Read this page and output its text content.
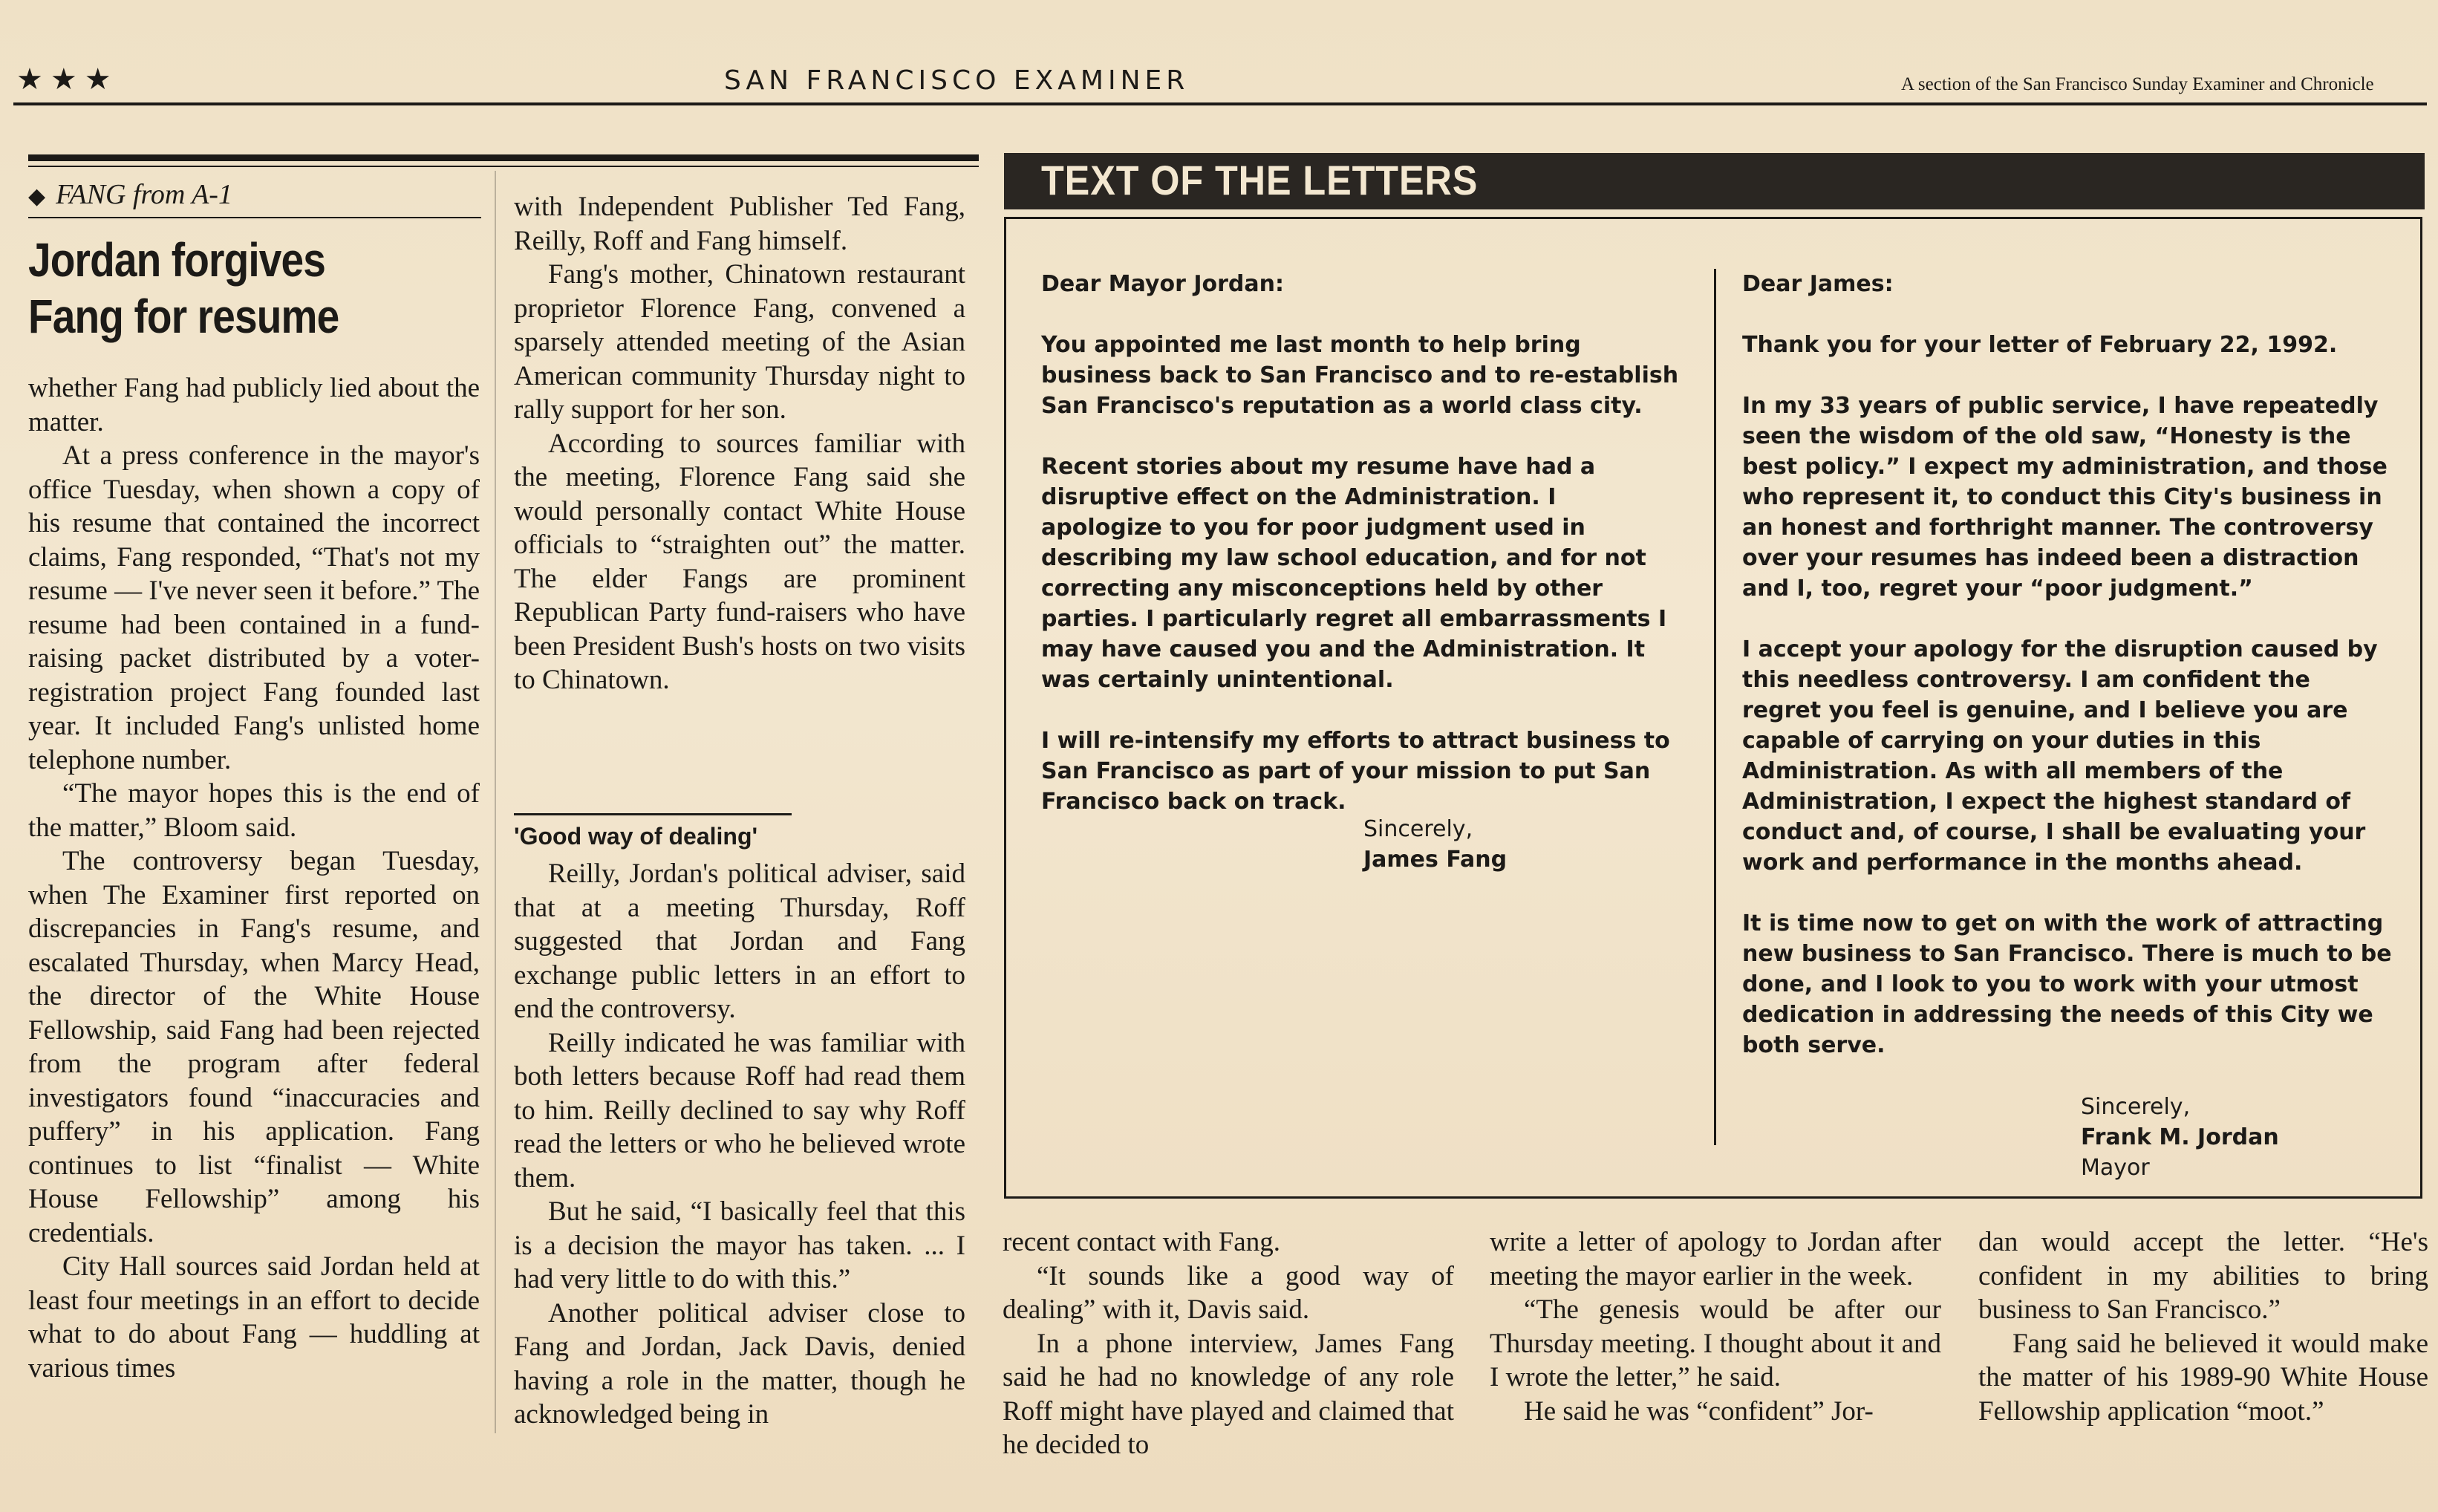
★★★	SAN FRANCISCO EXAMINER	A section of the San Francisco Sunday Examiner and Chronicle
◆ FANG from A-1
Jordan forgives
Fang for resume

whether Fang had publicly lied about the matter.

At a press conference in the mayor's office Tuesday, when shown a copy of his resume that contained the incorrect claims, Fang responded, “That's not my resume — I've never seen it before.” The resume had been contained in a fund-raising packet distributed by a voter-registration project Fang founded last year. It included Fang's unlisted home telephone number.

“The mayor hopes this is the end of the matter,” Bloom said.

The controversy began Tuesday, when The Examiner first reported on discrepancies in Fang's resume, and escalated Thursday, when Marcy Head, the director of the White House Fellowship, said Fang had been rejected from the program after federal investigators found “inaccuracies and puffery” in his application. Fang continues to list “finalist — White House Fellowship” among his credentials.

City Hall sources said Jordan held at least four meetings in an effort to decide what to do about Fang — huddling at various times

with Independent Publisher Ted Fang, Reilly, Roff and Fang himself.

Fang's mother, Chinatown restaurant proprietor Florence Fang, convened a sparsely attended meeting of the Asian American community Thursday night to rally support for her son.

According to sources familiar with the meeting, Florence Fang said she would personally contact White House officials to “straighten out” the matter. The elder Fangs are prominent Republican Party fund-raisers who have been President Bush's hosts on two visits to Chinatown.

'Good way of dealing'

Reilly, Jordan's political adviser, said that at a meeting Thursday, Roff suggested that Jordan and Fang exchange public letters in an effort to end the controversy.

Reilly indicated he was familiar with both letters because Roff had read them to him. Reilly declined to say why Roff read the letters or who he believed wrote them.

But he said, “I basically feel that this is a decision the mayor has taken. ... I had very little to do with this.”

Another political adviser close to Fang and Jordan, Jack Davis, denied having a role in the matter, though he acknowledged being in

TEXT OF THE LETTERS

Dear Mayor Jordan:

You appointed me last month to help bring business back to San Francisco and to re-establish San Francisco's reputation as a world class city.

Recent stories about my resume have had a disruptive effect on the Administration. I apologize to you for poor judgment used in describing my law school education, and for not correcting any misconceptions held by other parties. I particularly regret all embarrassments I may have caused you and the Administration. It was certainly unintentional.

I will re-intensify my efforts to attract business to San Francisco as part of your mission to put San Francisco back on track.

Sincerely,
James Fang

Dear James:

Thank you for your letter of February 22, 1992.

In my 33 years of public service, I have repeatedly seen the wisdom of the old saw, “Honesty is the best policy.” I expect my administration, and those who represent it, to conduct this City's business in an honest and forthright manner. The controversy over your resumes has indeed been a distraction and I, too, regret your “poor judgment.”

I accept your apology for the disruption caused by this needless controversy. I am confident the regret you feel is genuine, and I believe you are capable of carrying on your duties in this Administration. As with all members of the Administration, I expect the highest standard of conduct and, of course, I shall be evaluating your work and performance in the months ahead.

It is time now to get on with the work of attracting new business to San Francisco. There is much to be done, and I look to you to work with your utmost dedication in addressing the needs of this City we both serve.

Sincerely,
Frank M. Jordan
Mayor

recent contact with Fang.

“It sounds like a good way of dealing” with it, Davis said.

In a phone interview, James Fang said he had no knowledge of any role Roff might have played and claimed that he decided to

write a letter of apology to Jordan after meeting the mayor earlier in the week.

“The genesis would be after our Thursday meeting. I thought about it and I wrote the letter,” he said.

He said he was “confident” Jor-

dan would accept the letter. “He's confident in my abilities to bring business to San Francisco.”

Fang said he believed it would make the matter of his 1989-90 White House Fellowship application “moot.”
